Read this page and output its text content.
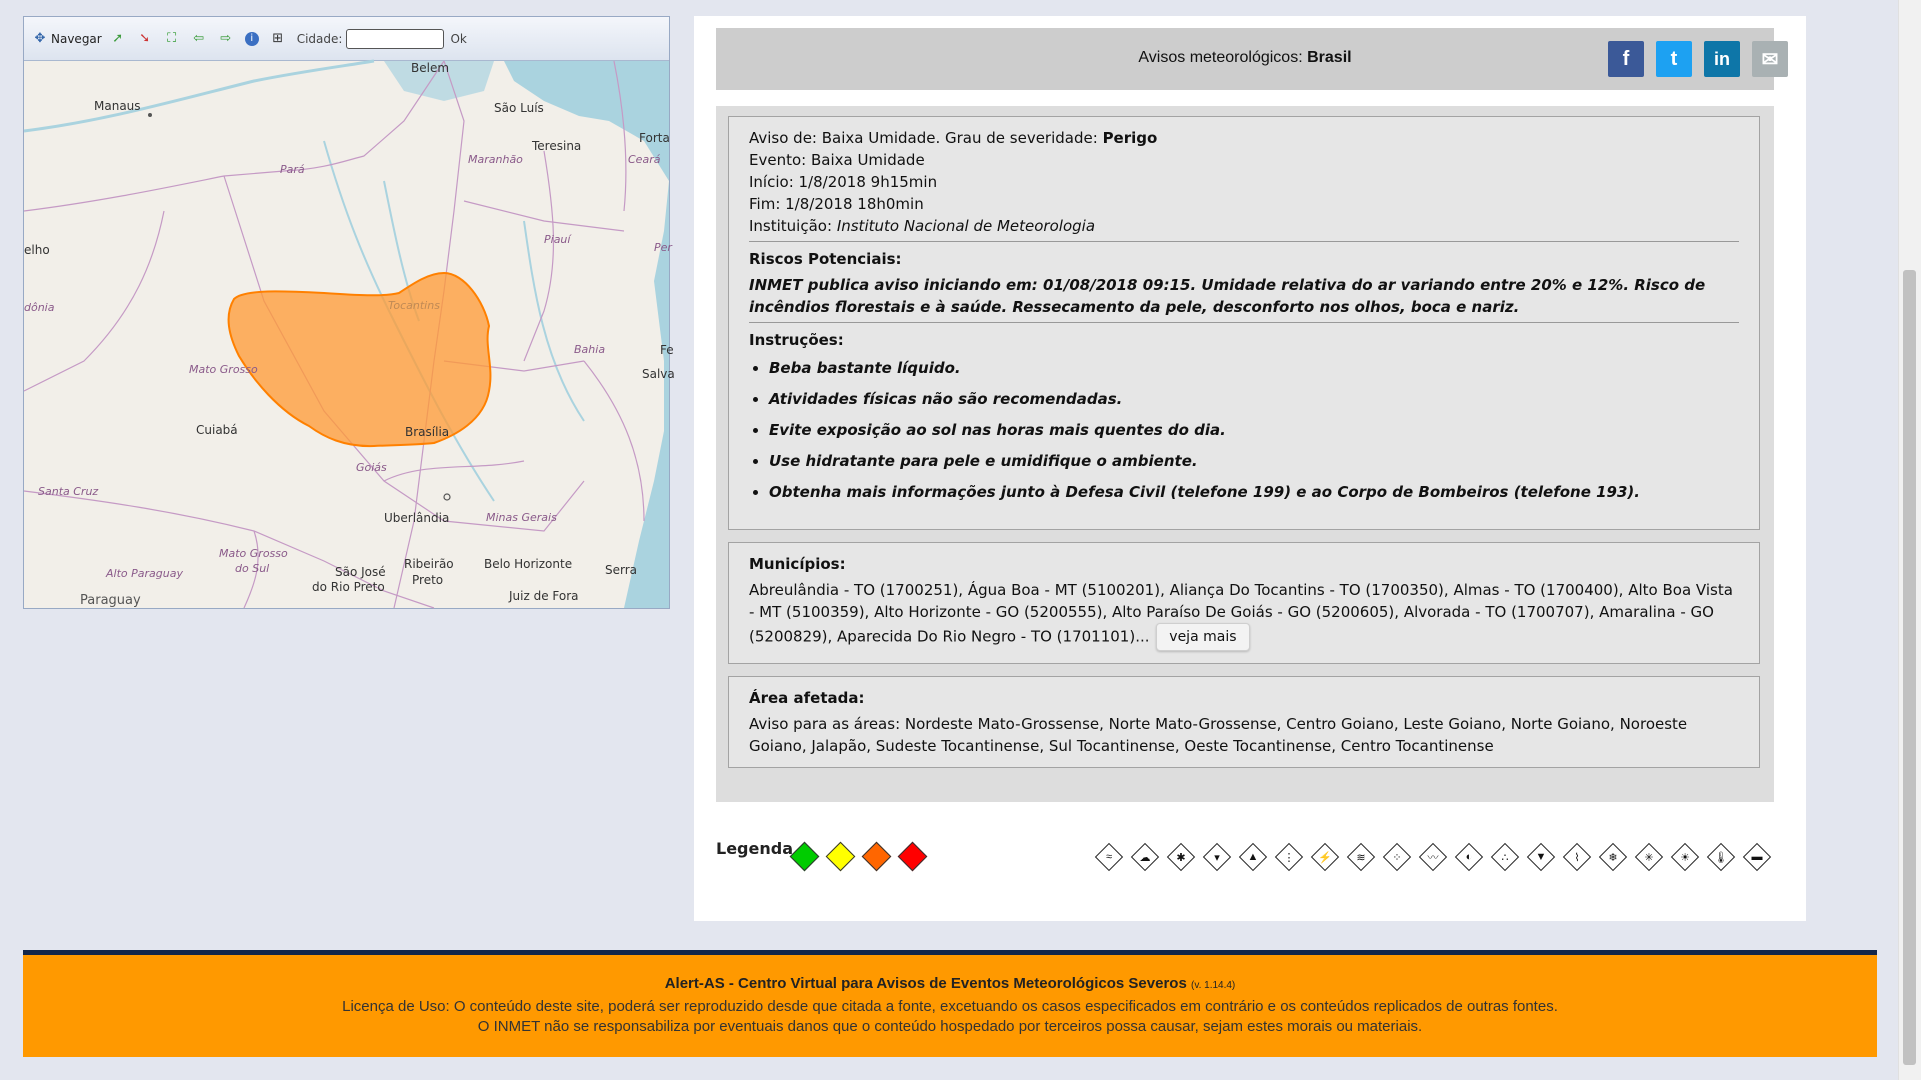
✥ Navegar ➚ ➘ ⛶ ⇦ ⇨	i	⊞ Cidade:	Ok
Belem
Manaus	São Luís
Teresina
Forta
Maranhão	Ceará
Pará
Piauí
Per
elho
dônia	Tocantins
Fe
Bahia
Mato Grosso	Salva
Cuiabá	Brasília
Goiás
Santa Cruz
Uberlândia	Minas Gerais
Mato Grosso
do Sul	Ribeirão
Preto
Belo Horizonte	Serra
Alto Paraguay	São José
do Rio Preto
Juiz de Fora
Paraguay
Avisos meteorológicos: Brasil	f t in ✉
Aviso de: Baixa Umidade. Grau de severidade: Perigo
Evento: Baixa Umidade
Início: 1/8/2018 9h15min
Fim: 1/8/2018 18h0min
Instituição: Instituto Nacional de Meteorologia
Riscos Potenciais:
INMET publica aviso iniciando em: 01/08/2018 09:15. Umidade relativa do ar variando entre 20% e 12%. Risco de incêndios florestais e à saúde. Ressecamento da pele, desconforto nos olhos, boca e nariz.
Instruções:
• Beba bastante líquido.
• Atividades físicas não são recomendadas.
• Evite exposição ao sol nas horas mais quentes do dia.
• Use hidratante para pele e umidifique o ambiente.
• Obtenha mais informações junto à Defesa Civil (telefone 199) e ao Corpo de Bombeiros (telefone 193).
Municípios:
Abreulândia - TO (1700251), Água Boa - MT (5100201), Aliança Do Tocantins - TO (1700350), Almas - TO (1700400), Alto Boa Vista - MT (5100359), Alto Horizonte - GO (5200555), Alto Paraíso De Goiás - GO (5200605), Alvorada - TO (1700707), Amaralina - GO (5200829), Aparecida Do Rio Negro - TO (1701101)... veja mais
Área afetada:
Aviso para as áreas: Nordeste Mato-Grossense, Norte Mato-Grossense, Centro Goiano, Leste Goiano, Norte Goiano, Noroeste Goiano, Jalapão, Sudeste Tocantinense, Sul Tocantinense, Oeste Tocantinense, Centro Tocantinense
Legenda	≈ ☁ ✱	▾	▲ ⋮ ⚡ ≋ ⁘ 〰 ◐	∴ ▼	⌇	❄ ✳ ☀ 🌡 ▬
Alert-AS - Centro Virtual para Avisos de Eventos Meteorológicos Severos (v. 1.14.4)
Licença de Uso: O conteúdo deste site, poderá ser reproduzido desde que citada a fonte, excetuando os casos especificados em contrário e os conteúdos replicados de outras fontes.
O INMET não se responsabiliza por eventuais danos que o conteúdo hospedado por terceiros possa causar, sejam estes morais ou materiais.
